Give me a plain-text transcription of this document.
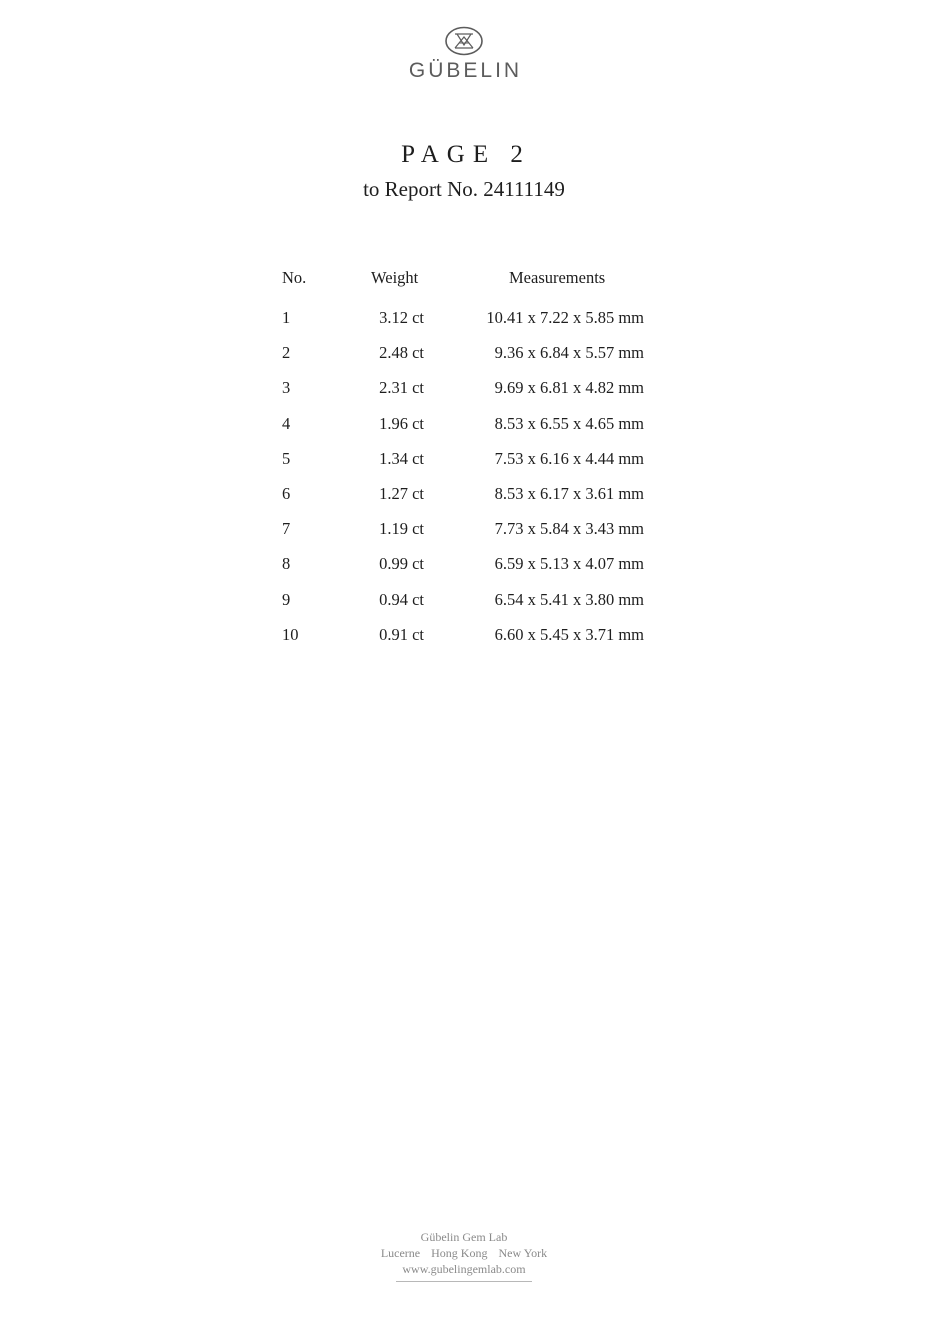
GÜBELIN
PAGE 2
to Report No. 24111149
No.	Weight	Measurements
1	3.12 ct	10.41 x 7.22 x 5.85 mm
2	2.48 ct	9.36 x 6.84 x 5.57 mm
3	2.31 ct	9.69 x 6.81 x 4.82 mm
4	1.96 ct	8.53 x 6.55 x 4.65 mm
5	1.34 ct	7.53 x 6.16 x 4.44 mm
6	1.27 ct	8.53 x 6.17 x 3.61 mm
7	1.19 ct	7.73 x 5.84 x 3.43 mm
8	0.99 ct	6.59 x 5.13 x 4.07 mm
9	0.94 ct	6.54 x 5.41 x 3.80 mm
10	0.91 ct	6.60 x 5.45 x 3.71 mm
Gübelin Gem Lab
Lucerne Hong Kong New York
www.gubelingemlab.com
